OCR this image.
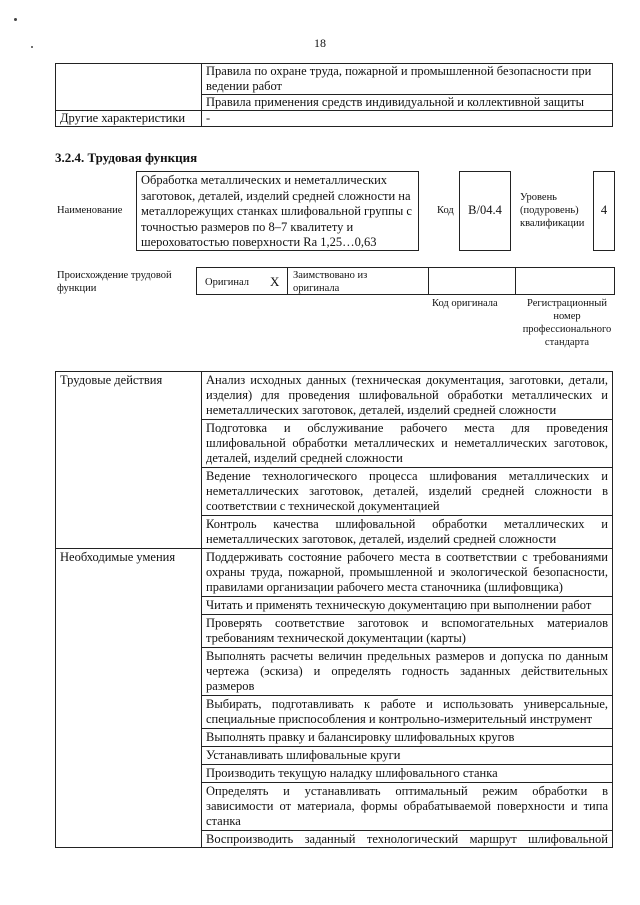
18
	Правила по охране труда, пожарной и промышленной безопасности при ведении работ
	Правила применения средств индивидуальной и коллективной защиты
Другие характеристики	-
3.2.4. Трудовая функция
Наименование
Обработка металлических и неметаллических заготовок, деталей, изделий средней сложности на металлорежущих станках шлифовальной группы с точностью размеров по 8–7 квалитету и шероховатостью поверхности Ra 1,25…0,63
Код	B/04.4
Уровень (подуровень) квалификации
4
Происхождение трудовой функции
Оригинал X Заимствовано из оригинала
Код оригинала	Регистрационный номер профессионального стандарта
Трудовые действия	Анализ исходных данных (техническая документация, заготовки, детали, изделия) для проведения шлифовальной обработки металлических и неметаллических заготовок, деталей, изделий средней сложности
	Подготовка и обслуживание рабочего места для проведения шлифовальной обработки металлических и неметаллических заготовок, деталей, изделий средней сложности
	Ведение технологического процесса шлифования металлических и неметаллических заготовок, деталей, изделий средней сложности в соответствии с технической документацией
	Контроль качества шлифовальной обработки металлических и неметаллических заготовок, деталей, изделий средней сложности
Необходимые умения	Поддерживать состояние рабочего места в соответствии с требованиями охраны труда, пожарной, промышленной и экологической безопасности, правилами организации рабочего места станочника (шлифовщика)
	Читать и применять техническую документацию при выполнении работ
	Проверять соответствие заготовок и вспомогательных материалов требованиям технической документации (карты)
	Выполнять расчеты величин предельных размеров и допуска по данным чертежа (эскиза) и определять годность заданных действительных размеров
	Выбирать, подготавливать к работе и использовать универсальные, специальные приспособления и контрольно-измерительный инструмент
	Выполнять правку и балансировку шлифовальных кругов
	Устанавливать шлифовальные круги
	Производить текущую наладку шлифовального станка
	Определять и устанавливать оптимальный режим обработки в зависимости от материала, формы обрабатываемой поверхности и типа станка

	Воспроизводить заданный технологический маршрут шлифовальной
